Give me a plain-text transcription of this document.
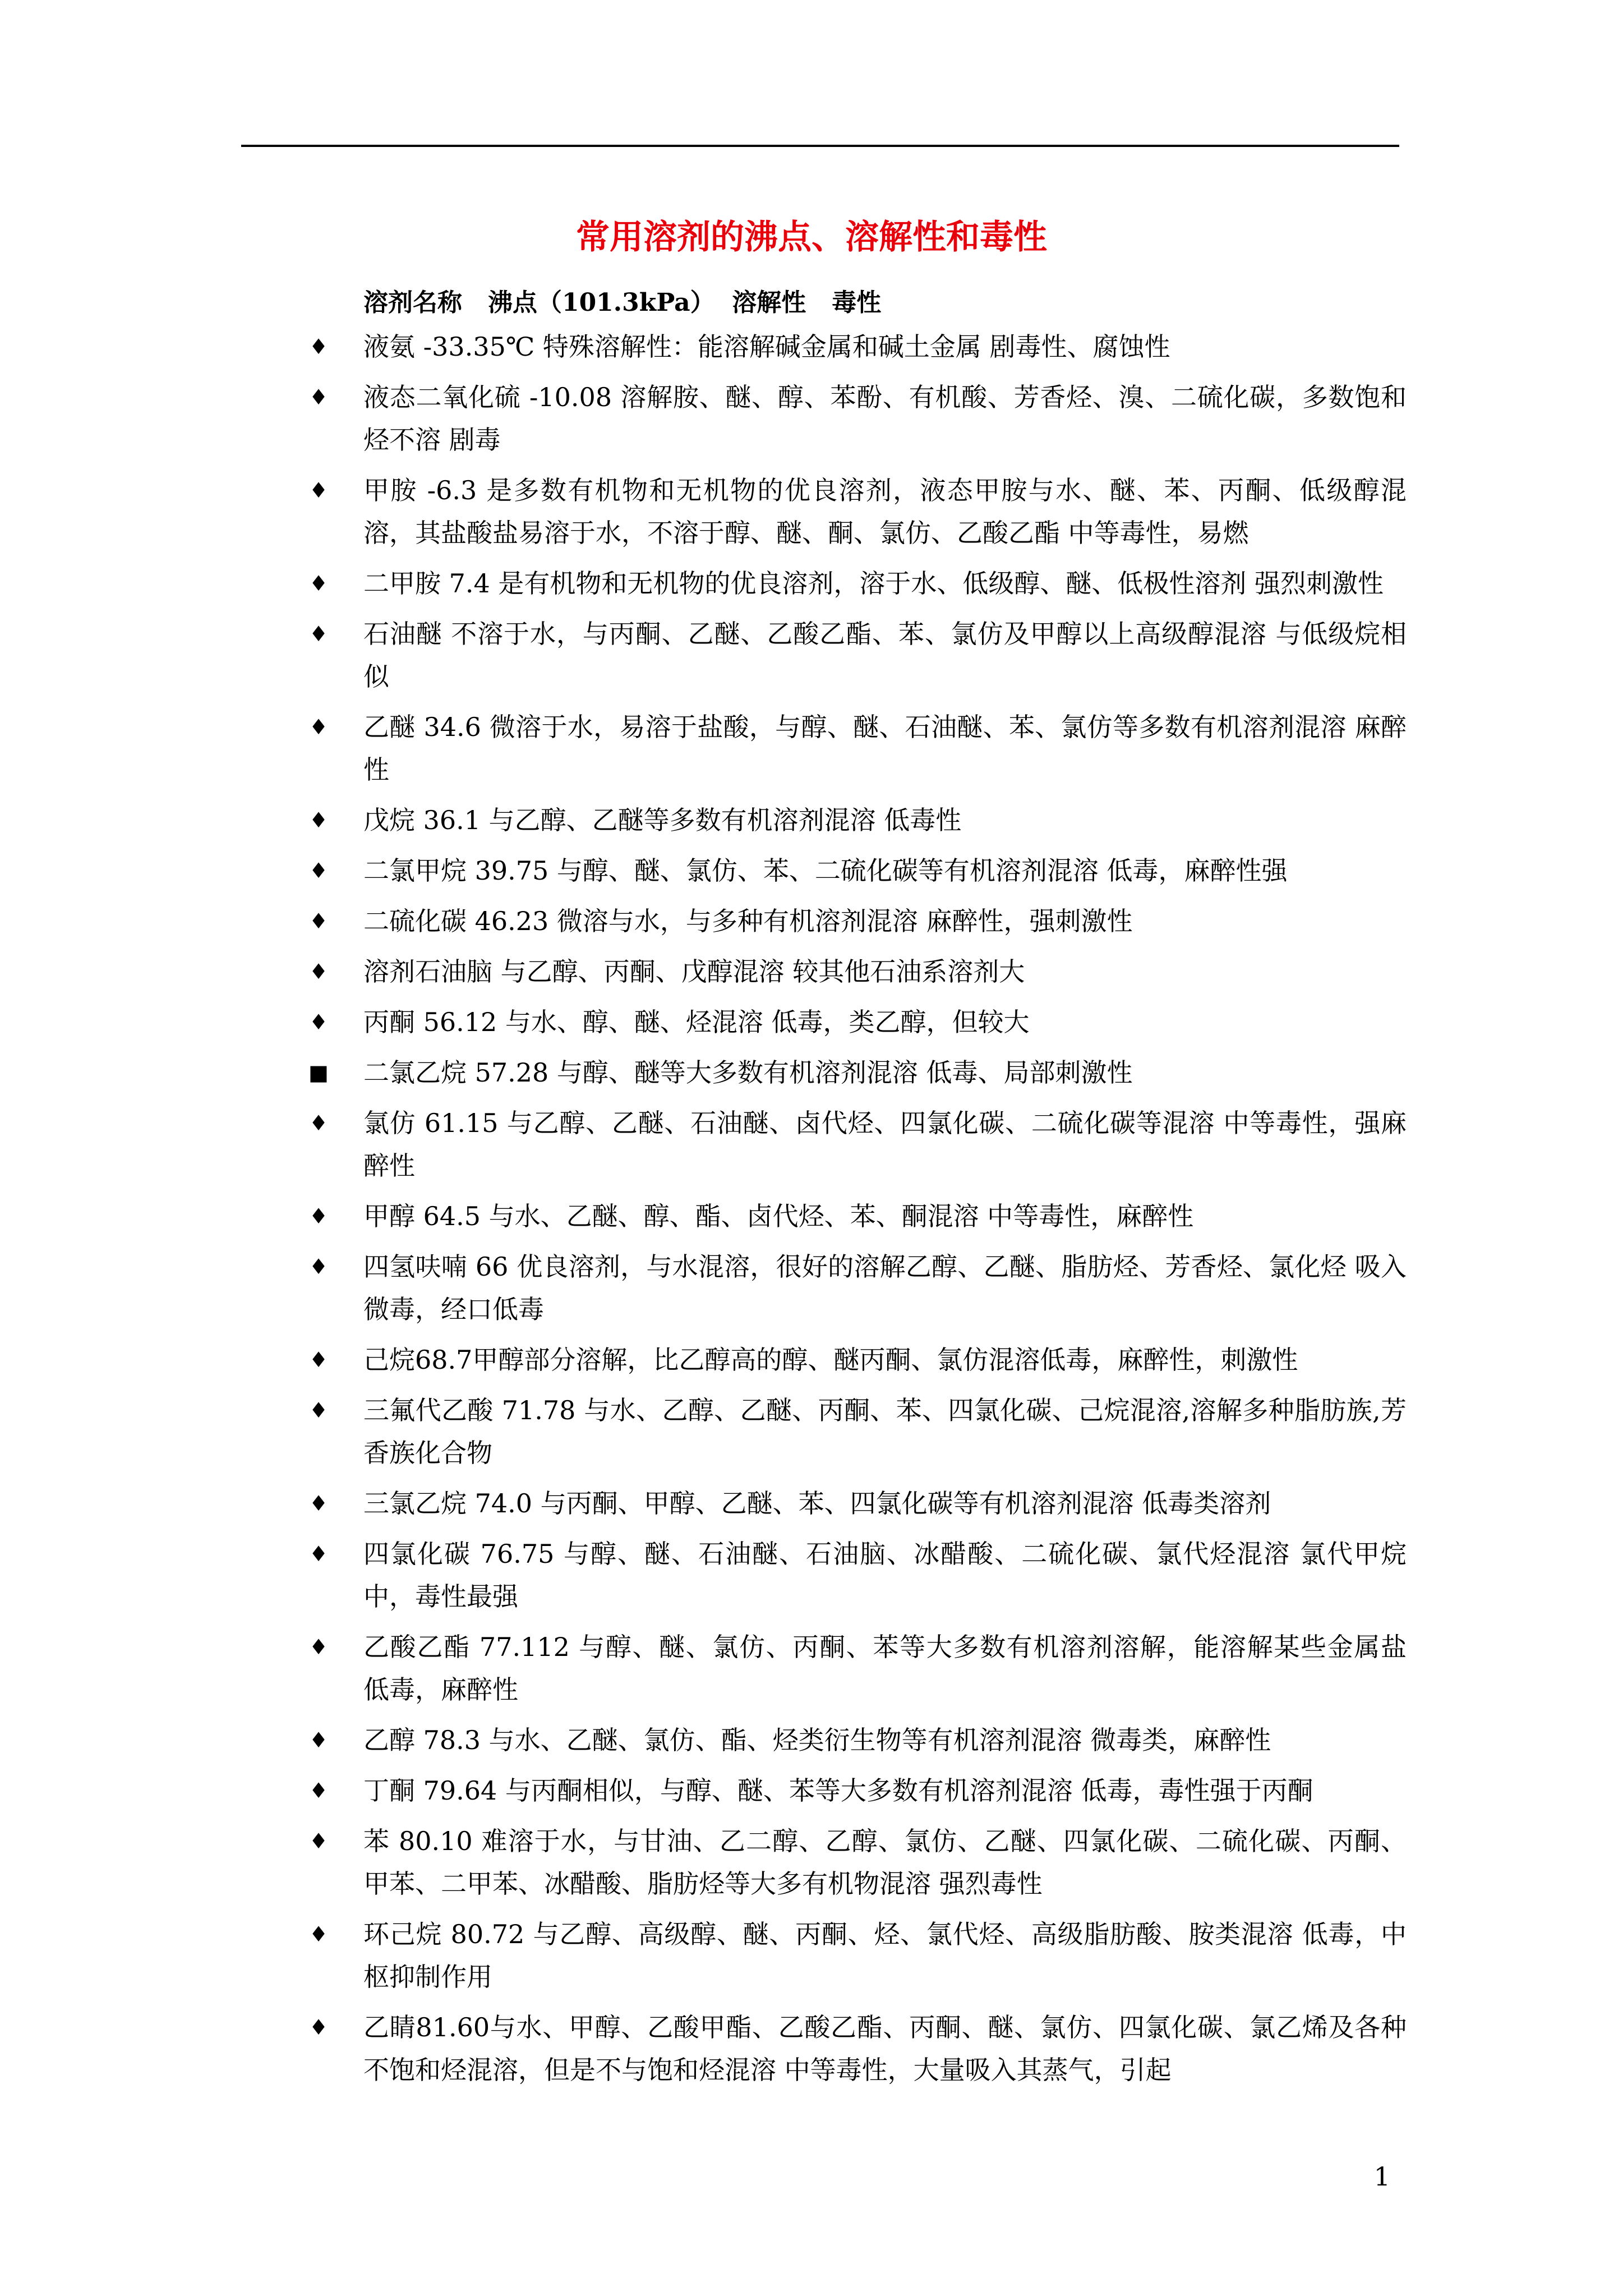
常用溶剂的沸点、溶解性和毒性
溶剂名称   沸点（101.3kPa）  溶解性   毒性
♦ 液氨 -33.35℃ 特殊溶解性：能溶解碱金属和碱土金属 剧毒性、腐蚀性
♦ 液态二氧化硫 -10.08 溶解胺、醚、醇、苯酚、有机酸、芳香烃、溴、二硫化碳，多数饱和烃不溶 剧毒
♦ 甲胺 -6.3 是多数有机物和无机物的优良溶剂，液态甲胺与水、醚、苯、丙酮、低级醇混溶，其盐酸盐易溶于水，不溶于醇、醚、酮、氯仿、乙酸乙酯 中等毒性，易燃
♦ 二甲胺 7.4 是有机物和无机物的优良溶剂，溶于水、低级醇、醚、低极性溶剂 强烈刺激性
♦ 石油醚 不溶于水，与丙酮、乙醚、乙酸乙酯、苯、氯仿及甲醇以上高级醇混溶 与低级烷相似
♦ 乙醚 34.6 微溶于水，易溶于盐酸，与醇、醚、石油醚、苯、氯仿等多数有机溶剂混溶 麻醉性
♦ 戊烷 36.1 与乙醇、乙醚等多数有机溶剂混溶 低毒性
♦ 二氯甲烷 39.75 与醇、醚、氯仿、苯、二硫化碳等有机溶剂混溶 低毒，麻醉性强
♦ 二硫化碳 46.23 微溶与水，与多种有机溶剂混溶 麻醉性，强刺激性
♦ 溶剂石油脑 与乙醇、丙酮、戊醇混溶 较其他石油系溶剂大
♦ 丙酮 56.12 与水、醇、醚、烃混溶 低毒，类乙醇，但较大
■ 二氯乙烷 57.28 与醇、醚等大多数有机溶剂混溶 低毒、局部刺激性
♦ 氯仿 61.15 与乙醇、乙醚、石油醚、卤代烃、四氯化碳、二硫化碳等混溶 中等毒性，强麻醉性
♦ 甲醇 64.5 与水、乙醚、醇、酯、卤代烃、苯、酮混溶 中等毒性，麻醉性
♦ 四氢呋喃 66 优良溶剂，与水混溶，很好的溶解乙醇、乙醚、脂肪烃、芳香烃、氯化烃 吸入微毒，经口低毒
♦ 己烷68.7甲醇部分溶解，比乙醇高的醇、醚丙酮、氯仿混溶低毒，麻醉性，刺激性
♦ 三氟代乙酸 71.78 与水、乙醇、乙醚、丙酮、苯、四氯化碳、己烷混溶,溶解多种脂肪族,芳香族化合物
♦ 三氯乙烷 74.0 与丙酮、甲醇、乙醚、苯、四氯化碳等有机溶剂混溶 低毒类溶剂
♦ 四氯化碳 76.75 与醇、醚、石油醚、石油脑、冰醋酸、二硫化碳、氯代烃混溶 氯代甲烷中，毒性最强
♦ 乙酸乙酯 77.112 与醇、醚、氯仿、丙酮、苯等大多数有机溶剂溶解，能溶解某些金属盐 低毒，麻醉性
♦ 乙醇 78.3 与水、乙醚、氯仿、酯、烃类衍生物等有机溶剂混溶 微毒类，麻醉性
♦ 丁酮 79.64 与丙酮相似，与醇、醚、苯等大多数有机溶剂混溶 低毒，毒性强于丙酮
♦ 苯 80.10 难溶于水，与甘油、乙二醇、乙醇、氯仿、乙醚、四氯化碳、二硫化碳、丙酮、甲苯、二甲苯、冰醋酸、脂肪烃等大多有机物混溶 强烈毒性
♦ 环己烷 80.72 与乙醇、高级醇、醚、丙酮、烃、氯代烃、高级脂肪酸、胺类混溶 低毒，中枢抑制作用
♦ 乙睛81.60与水、甲醇、乙酸甲酯、乙酸乙酯、丙酮、醚、氯仿、四氯化碳、氯乙烯及各种不饱和烃混溶，但是不与饱和烃混溶 中等毒性，大量吸入其蒸气，引起
1
